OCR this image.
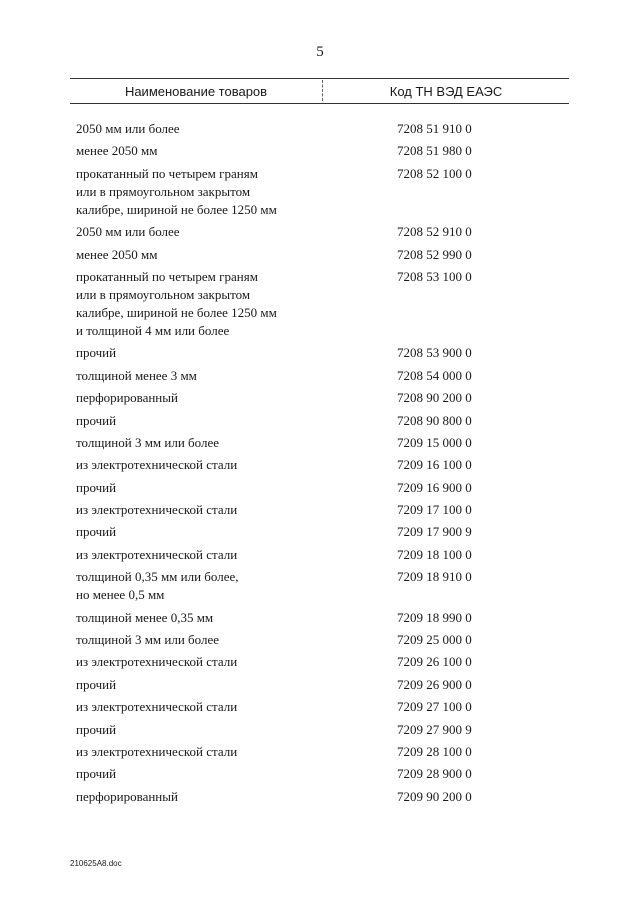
5
Наименование товаров	Код ТН ВЭД ЕАЭС
2050 мм или более	7208 51 910 0
менее 2050 мм	7208 51 980 0
прокатанный по четырем граням
или в прямоугольном закрытом
калибре, шириной не более 1250 мм
7208 52 100 0
2050 мм или более	7208 52 910 0
менее 2050 мм	7208 52 990 0
прокатанный по четырем граням
или в прямоугольном закрытом
калибре, шириной не более 1250 мм
и толщиной 4 мм или более
7208 53 100 0
прочий	7208 53 900 0
толщиной менее 3 мм	7208 54 000 0
перфорированный	7208 90 200 0
прочий	7208 90 800 0
толщиной 3 мм или более	7209 15 000 0
из электротехнической стали	7209 16 100 0
прочий	7209 16 900 0
из электротехнической стали	7209 17 100 0
прочий	7209 17 900 9
из электротехнической стали	7209 18 100 0
толщиной 0,35 мм или более,
но менее 0,5 мм
7209 18 910 0
толщиной менее 0,35 мм	7209 18 990 0
толщиной 3 мм или более	7209 25 000 0
из электротехнической стали	7209 26 100 0
прочий	7209 26 900 0
из электротехнической стали	7209 27 100 0
прочий	7209 27 900 9
из электротехнической стали	7209 28 100 0
прочий	7209 28 900 0
перфорированный	7209 90 200 0
210625A8.doc
